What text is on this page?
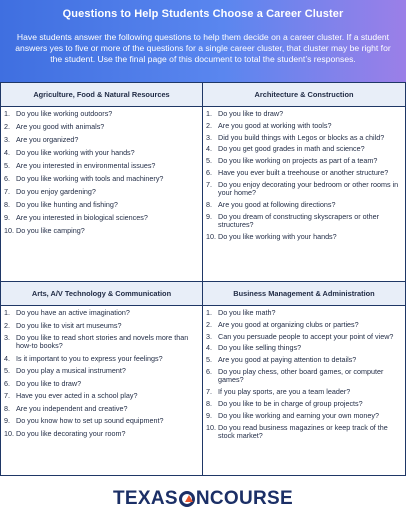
Questions to Help Students Choose a Career Cluster
Have students answer the following questions to help them decide on a career cluster. If a student answers yes to five or more of the questions for a single career cluster, that cluster may be right for the student. Use the final page of this document to total the student’s responses.
Agriculture, Food & Natural Resources
1. Do you like working outdoors?
2. Are you good with animals?
3. Are you organized?
4. Do you like working with your hands?
5. Are you interested in environmental issues?
6. Do you like working with tools and machinery?
7. Do you enjoy gardening?
8. Do you like hunting and fishing?
9. Are you interested in biological sciences?
10. Do you like camping?
Architecture & Construction
1. Do you like to draw?
2. Are you good at working with tools?
3. Did you build things with Legos or blocks as a child?
4. Do you get good grades in math and science?
5. Do you like working on projects as part of a team?
6. Have you ever built a treehouse or another structure?
7. Do you enjoy decorating your bedroom or other rooms in your home?
8. Are you good at following directions?
9. Do you dream of constructing skyscrapers or other structures?
10. Do you like working with your hands?
Arts, A/V Technology & Communication
1. Do you have an active imagination?
2. Do you like to visit art museums?
3. Do you like to read short stories and novels more than how-to books?
4. Is it important to you to express your feelings?
5. Do you play a musical instrument?
6. Do you like to draw?
7. Have you ever acted in a school play?
8. Are you independent and creative?
9. Do you know how to set up sound equipment?
10. Do you like decorating your room?
Business Management & Administration
1. Do you like math?
2. Are you good at organizing clubs or parties?
3. Can you persuade people to accept your point of view?
4. Do you like selling things?
5. Are you good at paying attention to details?
6. Do you play chess, other board games, or computer games?
7. If you play sports, are you a team leader?
8. Do you like to be in charge of group projects?
9. Do you like working and earning your own money?
10. Do you read business magazines or keep track of the stock market?
TEXAS NCOURSE
